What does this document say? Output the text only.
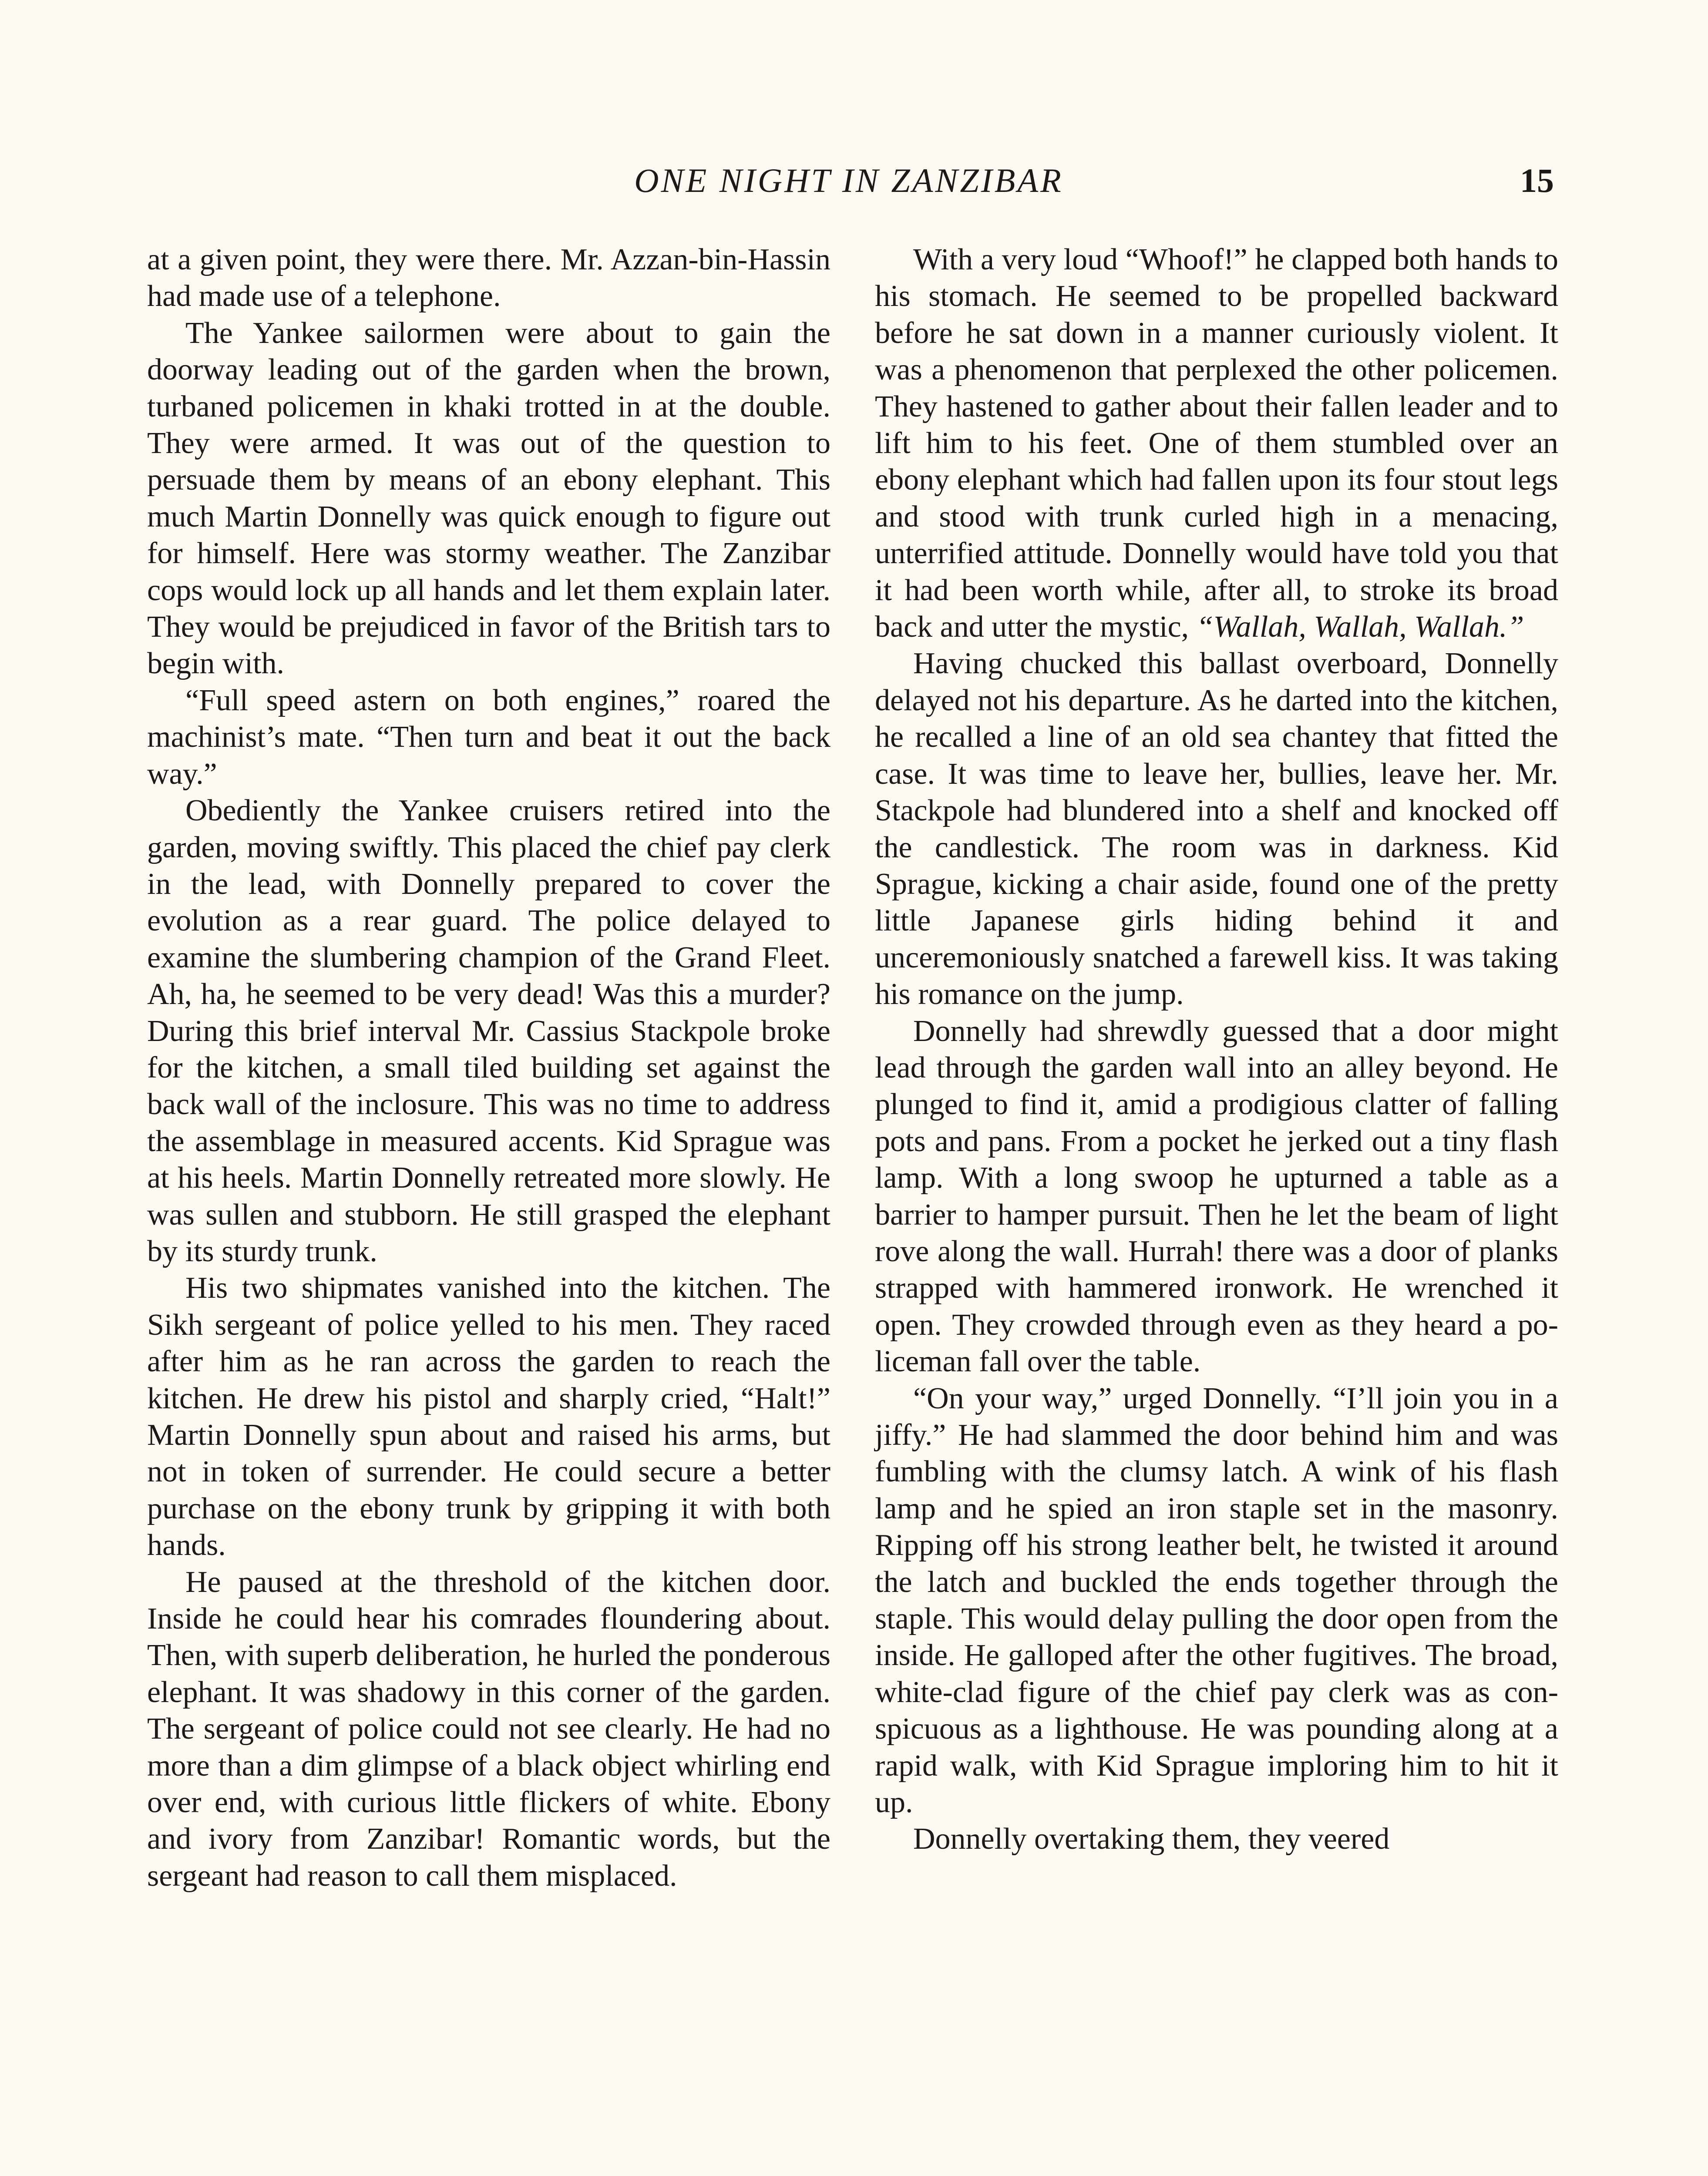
ONE NIGHT IN ZANZIBAR	15

at a given point, they were there. Mr. Azzan-bin-Hassin had made use of a telephone.

The Yankee sailormen were about to gain the doorway leading out of the garden when the brown, turbaned policemen in khaki trotted in at the double. They were armed. It was out of the question to persuade them by means of an ebony elephant. This much Martin Donnelly was quick enough to figure out for himself. Here was stormy weather. The Zanzibar cops would lock up all hands and let them explain later. They would be prejudiced in favor of the British tars to begin with.

“Full speed astern on both engines,” roared the machinist’s mate. “Then turn and beat it out the back way.”

Obediently the Yankee cruisers retired into the garden, moving swiftly. This placed the chief pay clerk in the lead, with Donnelly prepared to cover the evolution as a rear guard. The police delayed to examine the slumbering champion of the Grand Fleet. Ah, ha, he seemed to be very dead! Was this a murder? During this brief interval Mr. Cassius Stackpole broke for the kitchen, a small tiled building set against the back wall of the inclosure. This was no time to address the assemblage in measured accents. Kid Sprague was at his heels. Martin Donnelly retreated more slowly. He was sullen and stubborn. He still grasped the elephant by its sturdy trunk.

His two shipmates vanished into the kitchen. The Sikh sergeant of police yelled to his men. They raced after him as he ran across the garden to reach the kitchen. He drew his pistol and sharply cried, “Halt!” Martin Donnelly spun about and raised his arms, but not in token of surrender. He could secure a better purchase on the ebony trunk by gripping it with both hands.

He paused at the threshold of the kitchen door. Inside he could hear his comrades floundering about. Then, with superb deliberation, he hurled the ponderous elephant. It was shadowy in this corner of the garden. The sergeant of police could not see clearly. He had no more than a dim glimpse of a black object whirling end over end, with curious little flickers of white. Ebony and ivory from Zanzibar! Romantic words, but the sergeant had reason to call them misplaced.

With a very loud “Whoof!” he clapped both hands to his stomach. He seemed to be propelled backward before he sat down in a manner curiously violent. It was a phenomenon that perplexed the other policemen. They hastened to gather about their fallen leader and to lift him to his feet. One of them stumbled over an ebony elephant which had fallen upon its four stout legs and stood with trunk curled high in a menacing, unterrified attitude. Donnelly would have told you that it had been worth while, after all, to stroke its broad back and utter the mystic, “Wallah, Wallah, Wallah.”

Having chucked this ballast overboard, Donnelly delayed not his departure. As he darted into the kitchen, he recalled a line of an old sea chantey that fitted the case. It was time to leave her, bullies, leave her. Mr. Stackpole had blundered into a shelf and knocked off the candlestick. The room was in darkness. Kid Sprague, kicking a chair aside, found one of the pretty little Japanese girls hiding behind it and unceremoniously snatched a farewell kiss. It was taking his romance on the jump.

Donnelly had shrewdly guessed that a door might lead through the garden wall into an alley beyond. He plunged to find it, amid a prodigious clatter of falling pots and pans. From a pocket he jerked out a tiny flash lamp. With a long swoop he upturned a table as a barrier to hamper pursuit. Then he let the beam of light rove along the wall. Hurrah! there was a door of planks strapped with hammered ironwork. He wrenched it open. They crowded through even as they heard a policeman fall over the table.

“On your way,” urged Donnelly. “I’ll join you in a jiffy.” He had slammed the door behind him and was fumbling with the clumsy latch. A wink of his flash lamp and he spied an iron staple set in the masonry. Ripping off his strong leather belt, he twisted it around the latch and buckled the ends together through the staple. This would delay pulling the door open from the inside. He galloped after the other fugitives. The broad, white-clad figure of the chief pay clerk was as conspicuous as a lighthouse. He was pounding along at a rapid walk, with Kid Sprague imploring him to hit it up.

Donnelly overtaking them, they veered
